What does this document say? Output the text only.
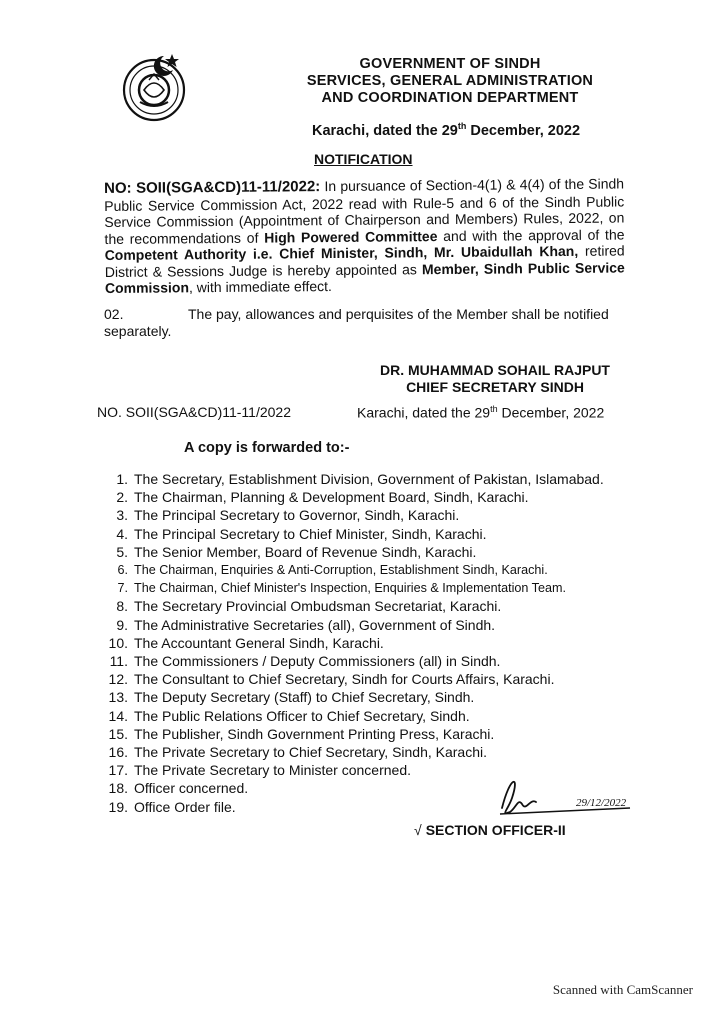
GOVERNMENT OF SINDH
SERVICES, GENERAL ADMINISTRATION
AND COORDINATION DEPARTMENT
Karachi, dated the 29th December, 2022
NOTIFICATION
NO: SOII(SGA&CD)11-11/2022: In pursuance of Section-4(1) & 4(4) of the Sindh Public Service Commission Act, 2022 read with Rule-5 and 6 of the Sindh Public Service Commission (Appointment of Chairperson and Members) Rules, 2022, on the recommendations of High Powered Committee and with the approval of the Competent Authority i.e. Chief Minister, Sindh, Mr. Ubaidullah Khan, retired District & Sessions Judge is hereby appointed as Member, Sindh Public Service Commission, with immediate effect.
02.	The pay, allowances and perquisites of the Member shall be notified separately.
DR. MUHAMMAD SOHAIL RAJPUT
CHIEF SECRETARY SINDH
NO. SOII(SGA&CD)11-11/2022	Karachi, dated the 29th December, 2022
A copy is forwarded to:-
1. The Secretary, Establishment Division, Government of Pakistan, Islamabad.
2. The Chairman, Planning & Development Board, Sindh, Karachi.
3. The Principal Secretary to Governor, Sindh, Karachi.
4. The Principal Secretary to Chief Minister, Sindh, Karachi.
5. The Senior Member, Board of Revenue Sindh, Karachi.
6. The Chairman, Enquiries & Anti-Corruption, Establishment Sindh, Karachi.
7. The Chairman, Chief Minister's Inspection, Enquiries & Implementation Team.
8. The Secretary Provincial Ombudsman Secretariat, Karachi.
9. The Administrative Secretaries (all), Government of Sindh.
10. The Accountant General Sindh, Karachi.
11. The Commissioners / Deputy Commissioners (all) in Sindh.
12. The Consultant to Chief Secretary, Sindh for Courts Affairs, Karachi.
13. The Deputy Secretary (Staff) to Chief Secretary, Sindh.
14. The Public Relations Officer to Chief Secretary, Sindh.
15. The Publisher, Sindh Government Printing Press, Karachi.
16. The Private Secretary to Chief Secretary, Sindh, Karachi.
17. The Private Secretary to Minister concerned.
18. Officer concerned.
19. Office Order file.	29/12/2022
√ SECTION OFFICER-II
Scanned with CamScanner
